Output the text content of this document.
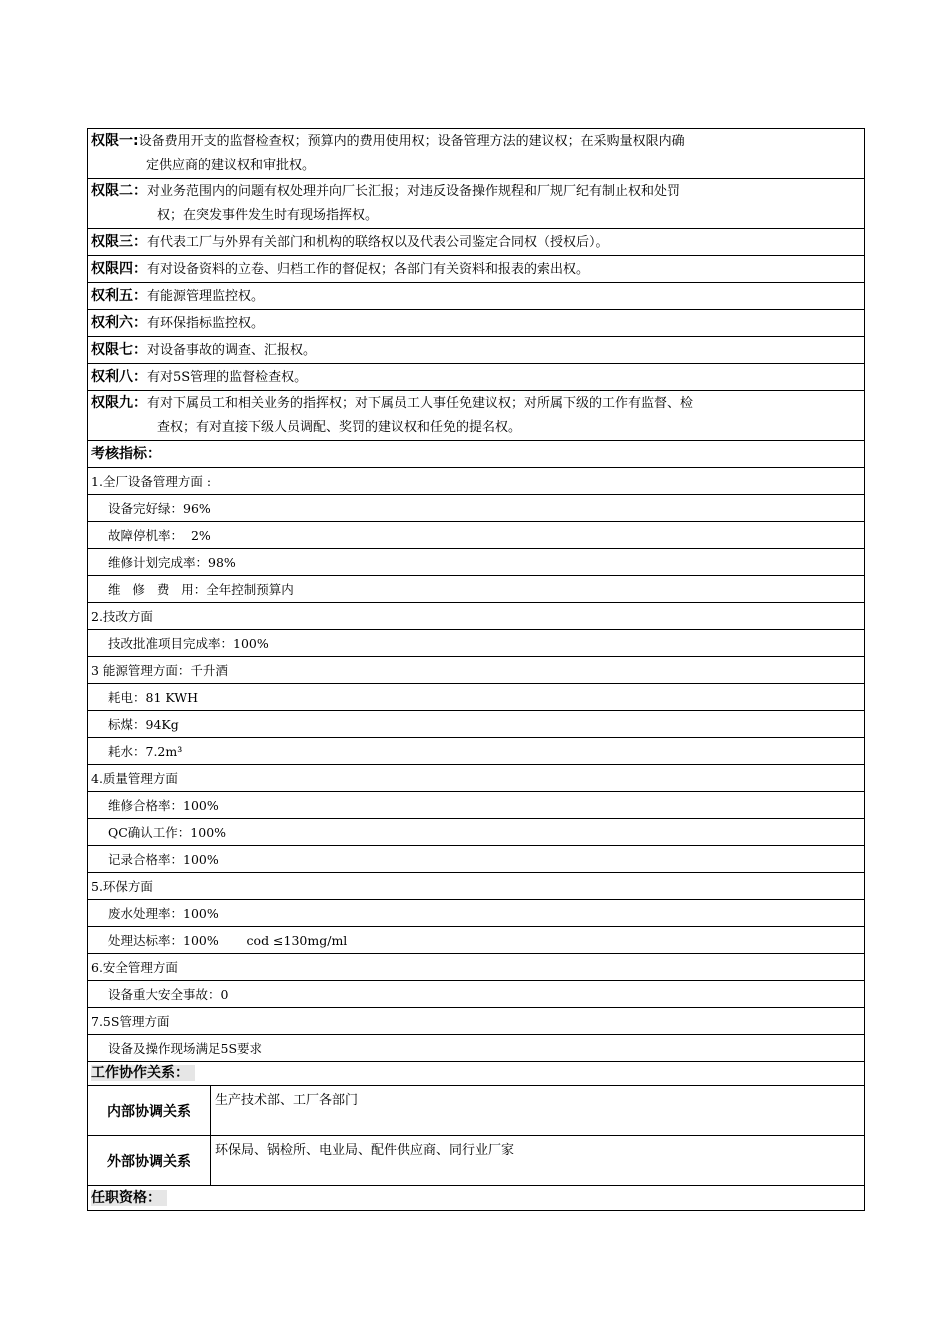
权限一:设备费用开支的监督检查权；预算内的费用使用权；设备管理方法的建议权；在采购量权限内确
定供应商的建议权和审批权。
权限二：对业务范围内的问题有权处理并向厂长汇报；对违反设备操作规程和厂规厂纪有制止权和处罚
权；在突发事件发生时有现场指挥权。
权限三：有代表工厂与外界有关部门和机构的联络权以及代表公司鉴定合同权（授权后）。
权限四：有对设备资料的立卷、归档工作的督促权；各部门有关资料和报表的索出权。
权利五：有能源管理监控权。
权利六：有环保指标监控权。
权限七：对设备事故的调查、汇报权。
权利八：有对5S管理的监督检查权。
权限九：有对下属员工和相关业务的指挥权；对下属员工人事任免建议权；对所属下级的工作有监督、检
查权；有对直接下级人员调配、奖罚的建议权和任免的提名权。
考核指标：
1.全厂设备管理方面 :
设备完好绿：96%
故障停机率：  2%
维修计划完成率：98%
维   修   费   用：全年控制预算内
2.技改方面
技改批准项目完成率：100%
3 能源管理方面：千升酒
耗电：81 KWH
标煤：94Kg
耗水：7.2m³
4.质量管理方面
维修合格率：100%
QC确认工作：100%
记录合格率：100%
5.环保方面
废水处理率：100%
处理达标率：100%       cod ≤130mg/ml
6.安全管理方面
设备重大安全事故：0
7.5S管理方面
设备及操作现场满足5S要求
工作协作关系：
内部协调关系
生产技术部、工厂各部门
外部协调关系
环保局、锅检所、电业局、配件供应商、同行业厂家
任职资格：
